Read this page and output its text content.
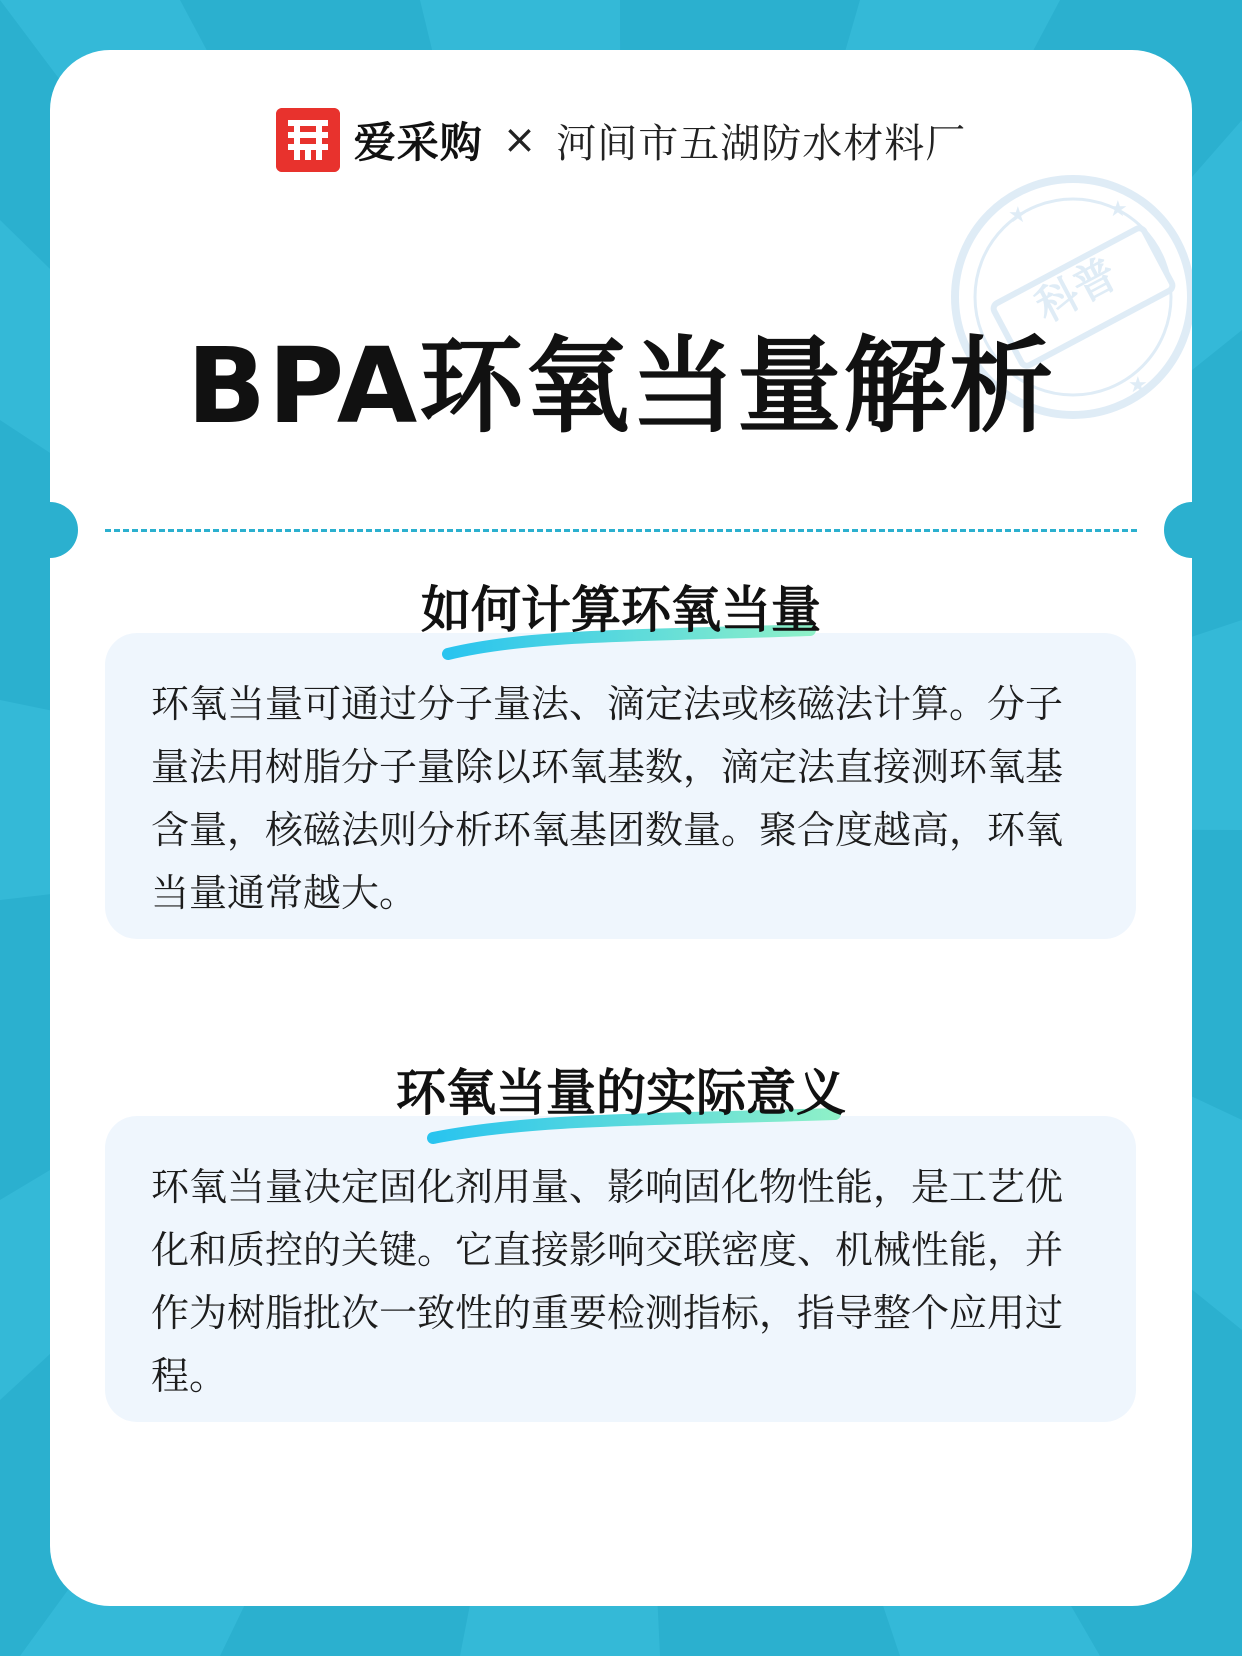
爱采购 × 河间市五湖防水材料厂
★	★
★
科普
BPA环氧当量解析
如何计算环氧当量
环氧当量可通过分子量法、滴定法或核磁法计算。分子量法用树脂分子量除以环氧基数，滴定法直接测环氧基含量，核磁法则分析环氧基团数量。聚合度越高，环氧当量通常越大。
环氧当量的实际意义
环氧当量决定固化剂用量、影响固化物性能，是工艺优化和质控的关键。它直接影响交联密度、机械性能，并作为树脂批次一致性的重要检测指标，指导整个应用过程。
